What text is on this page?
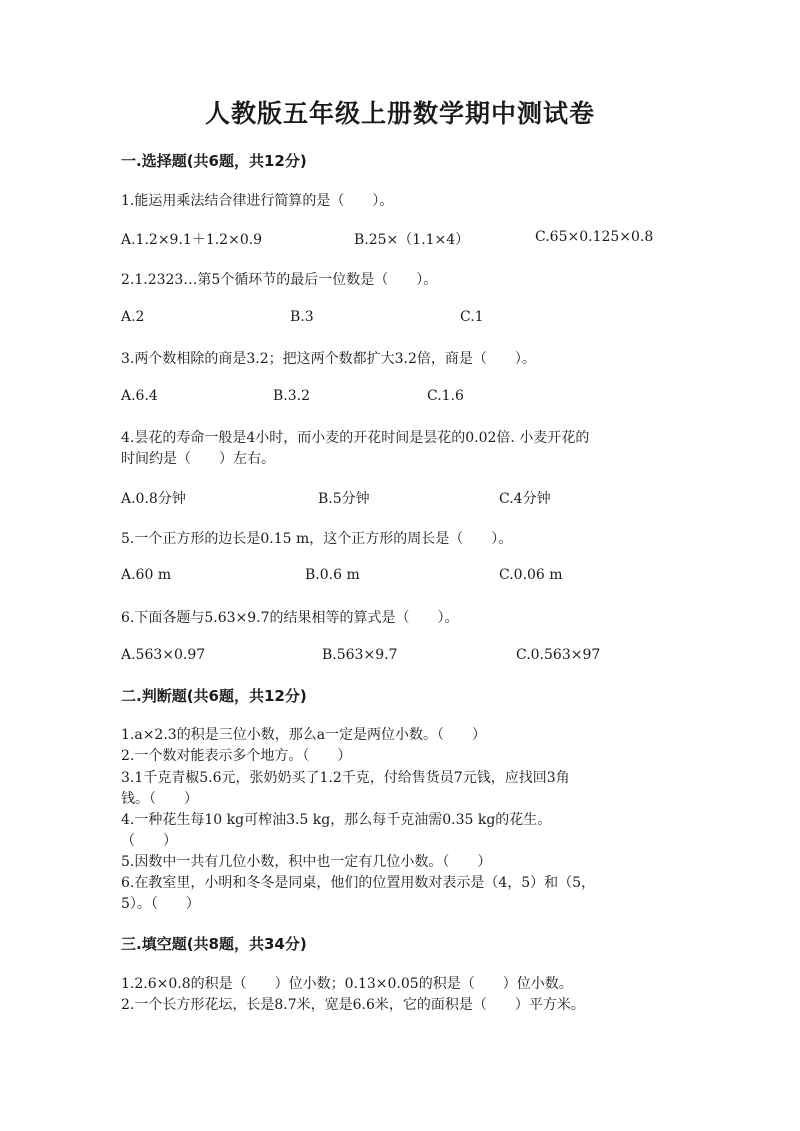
人教版五年级上册数学期中测试卷
一.选择题(共6题，共12分)
1.能运用乘法结合律进行简算的是（　　）。
A.1.2×9.1＋1.2×0.9	B.25×（1.1×4）	C.65×0.125×0.8
2.1.2323…第5个循环节的最后一位数是（　　）。
A.2	B.3	C.1
3.两个数相除的商是3.2；把这两个数都扩大3.2倍，商是（　　）。
A.6.4	B.3.2	C.1.6
4.昙花的寿命一般是4小时，而小麦的开花时间是昙花的0.02倍. 小麦开花的
时间约是（　　）左右。
A.0.8分钟	B.5分钟	C.4分钟
5.一个正方形的边长是0.15 m，这个正方形的周长是（　　）。
A.60 m	B.0.6 m	C.0.06 m
6.下面各题与5.63×9.7的结果相等的算式是（　　）。
A.563×0.97	B.563×9.7	C.0.563×97
二.判断题(共6题，共12分)
1.a×2.3的积是三位小数，那么a一定是两位小数。（　　）
2.一个数对能表示多个地方。（　　）
3.1千克青椒5.6元，张奶奶买了1.2千克，付给售货员7元钱，应找回3角
钱。（　　）
4.一种花生每10 kg可榨油3.5 kg，那么每千克油需0.35 kg的花生。
（　　）
5.因数中一共有几位小数，积中也一定有几位小数。（　　）
6.在教室里，小明和冬冬是同桌，他们的位置用数对表示是（4，5）和（5，
5）。（　　）
三.填空题(共8题，共34分)
1.2.6×0.8的积是（　　）位小数；0.13×0.05的积是（　　）位小数。
2.一个长方形花坛，长是8.7米，宽是6.6米，它的面积是（　　）平方米。
